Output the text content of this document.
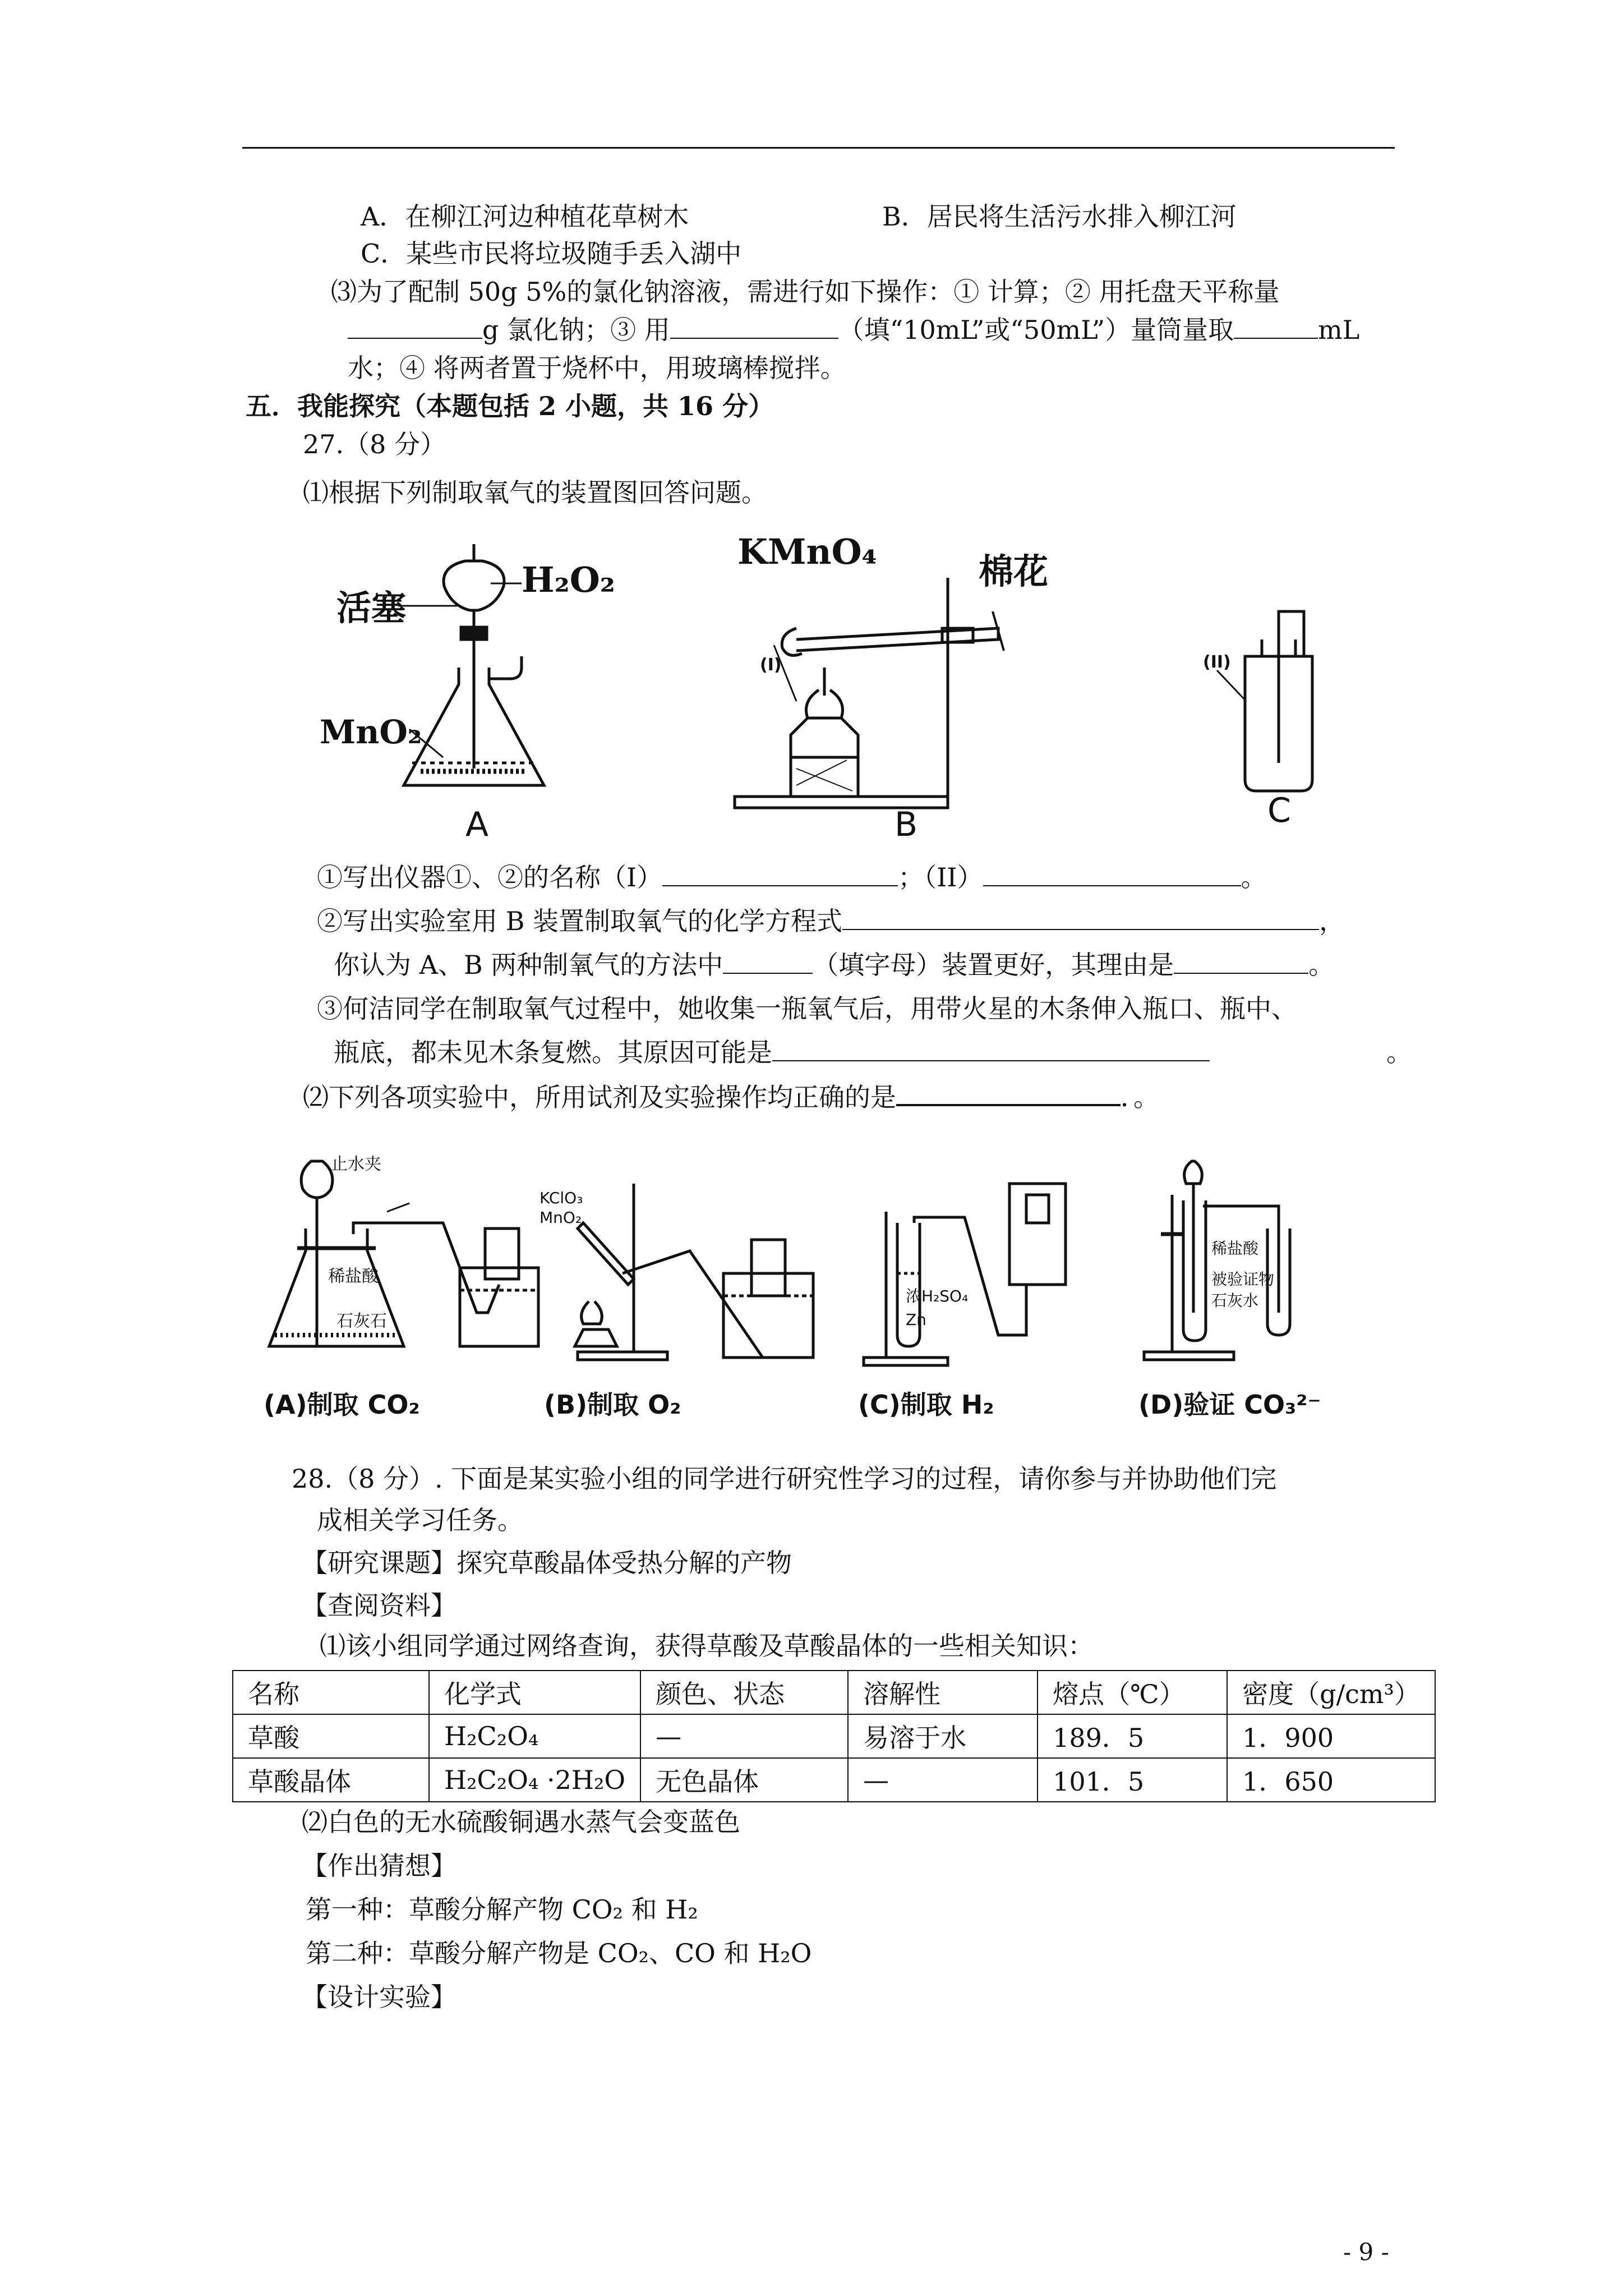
A．在柳江河边种植花草树木	B．居民将生活污水排入柳江河
C．某些市民将垃圾随手丢入湖中
⑶为了配制 50g 5%的氯化钠溶液，需进行如下操作：① 计算；② 用托盘天平称量
g 氯化钠；③ 用	（填“10mL”或“50mL”）量筒量取	mL
水；④ 将两者置于烧杯中，用玻璃棒搅拌。
五．我能探究（本题包括 2 小题，共 16 分）
27.（8 分）
⑴根据下列制取氧气的装置图回答问题。
活塞
H₂O₂
MnO₂
A
KMnO₄	棉花
(I)
B
(II)
C
①写出仪器①、②的名称（I）	；（II）	。
②写出实验室用 B 装置制取氧气的化学方程式	，
你认为 A、B 两种制氧气的方法中	（填字母）装置更好，其理由是	。
③何洁同学在制取氧气过程中，她收集一瓶氧气后，用带火星的木条伸入瓶口、瓶中、
瓶底，都未见木条复燃。其原因可能是	。
⑵下列各项实验中，所用试剂及实验操作均正确的是	．。
止水夹
稀盐酸
石灰石
(A)制取 CO₂
KClO₃
MnO₂
(B)制取 O₂
浓H₂SO₄
Zn
(C)制取 H₂
稀盐酸
被验证物
石灰水
(D)验证 CO₃²⁻
28.（8 分）. 下面是某实验小组的同学进行研究性学习的过程，请你参与并协助他们完
成相关学习任务。
【研究课题】探究草酸晶体受热分解的产物
【查阅资料】
⑴该小组同学通过网络查询，获得草酸及草酸晶体的一些相关知识：
名称	化学式	颜色、状态	溶解性	熔点（℃）	密度（g/cm³）
草酸	H₂C₂O₄	—	易溶于水	189．5	1．900
草酸晶体	H₂C₂O₄ ·2H₂O	无色晶体	—	101．5	1．650
⑵白色的无水硫酸铜遇水蒸气会变蓝色
【作出猜想】
第一种：草酸分解产物 CO₂ 和 H₂
第二种：草酸分解产物是 CO₂、CO 和 H₂O
【设计实验】
- 9 -
